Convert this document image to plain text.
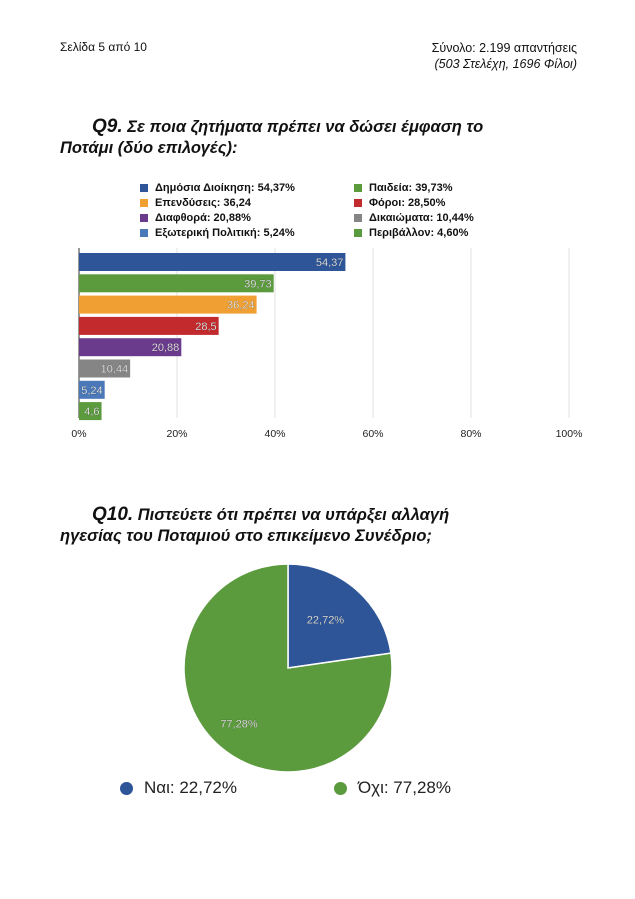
Σελίδα 5 από 10	Σύνολο: 2.199 απαντήσεις
(503 Στελέχη, 1696 Φίλοι)
Q9. Σε ποια ζητήματα πρέπει να δώσει έμφαση το
Ποτάμι (δύο επιλογές):
Δημόσια Διοίκηση: 54,37%	Παιδεία: 39,73%
Επενδύσεις: 36,24	Φόροι: 28,50%
Διαφθορά: 20,88%	Δικαιώματα: 10,44%
Εξωτερική Πολιτική: 5,24%	Περιβάλλον: 4,60%
0%	20%	40%	60%	80%	100%
54,37
39,73
36,24
28,5
20,88
10,44
5,24
4,6
Q10. Πιστεύετε ότι πρέπει να υπάρξει αλλαγή
ηγεσίας του Ποταμιού στο επικείμενο Συνέδριο;
22,72%
77,28%
Ναι: 22,72%	Όχι: 77,28%
